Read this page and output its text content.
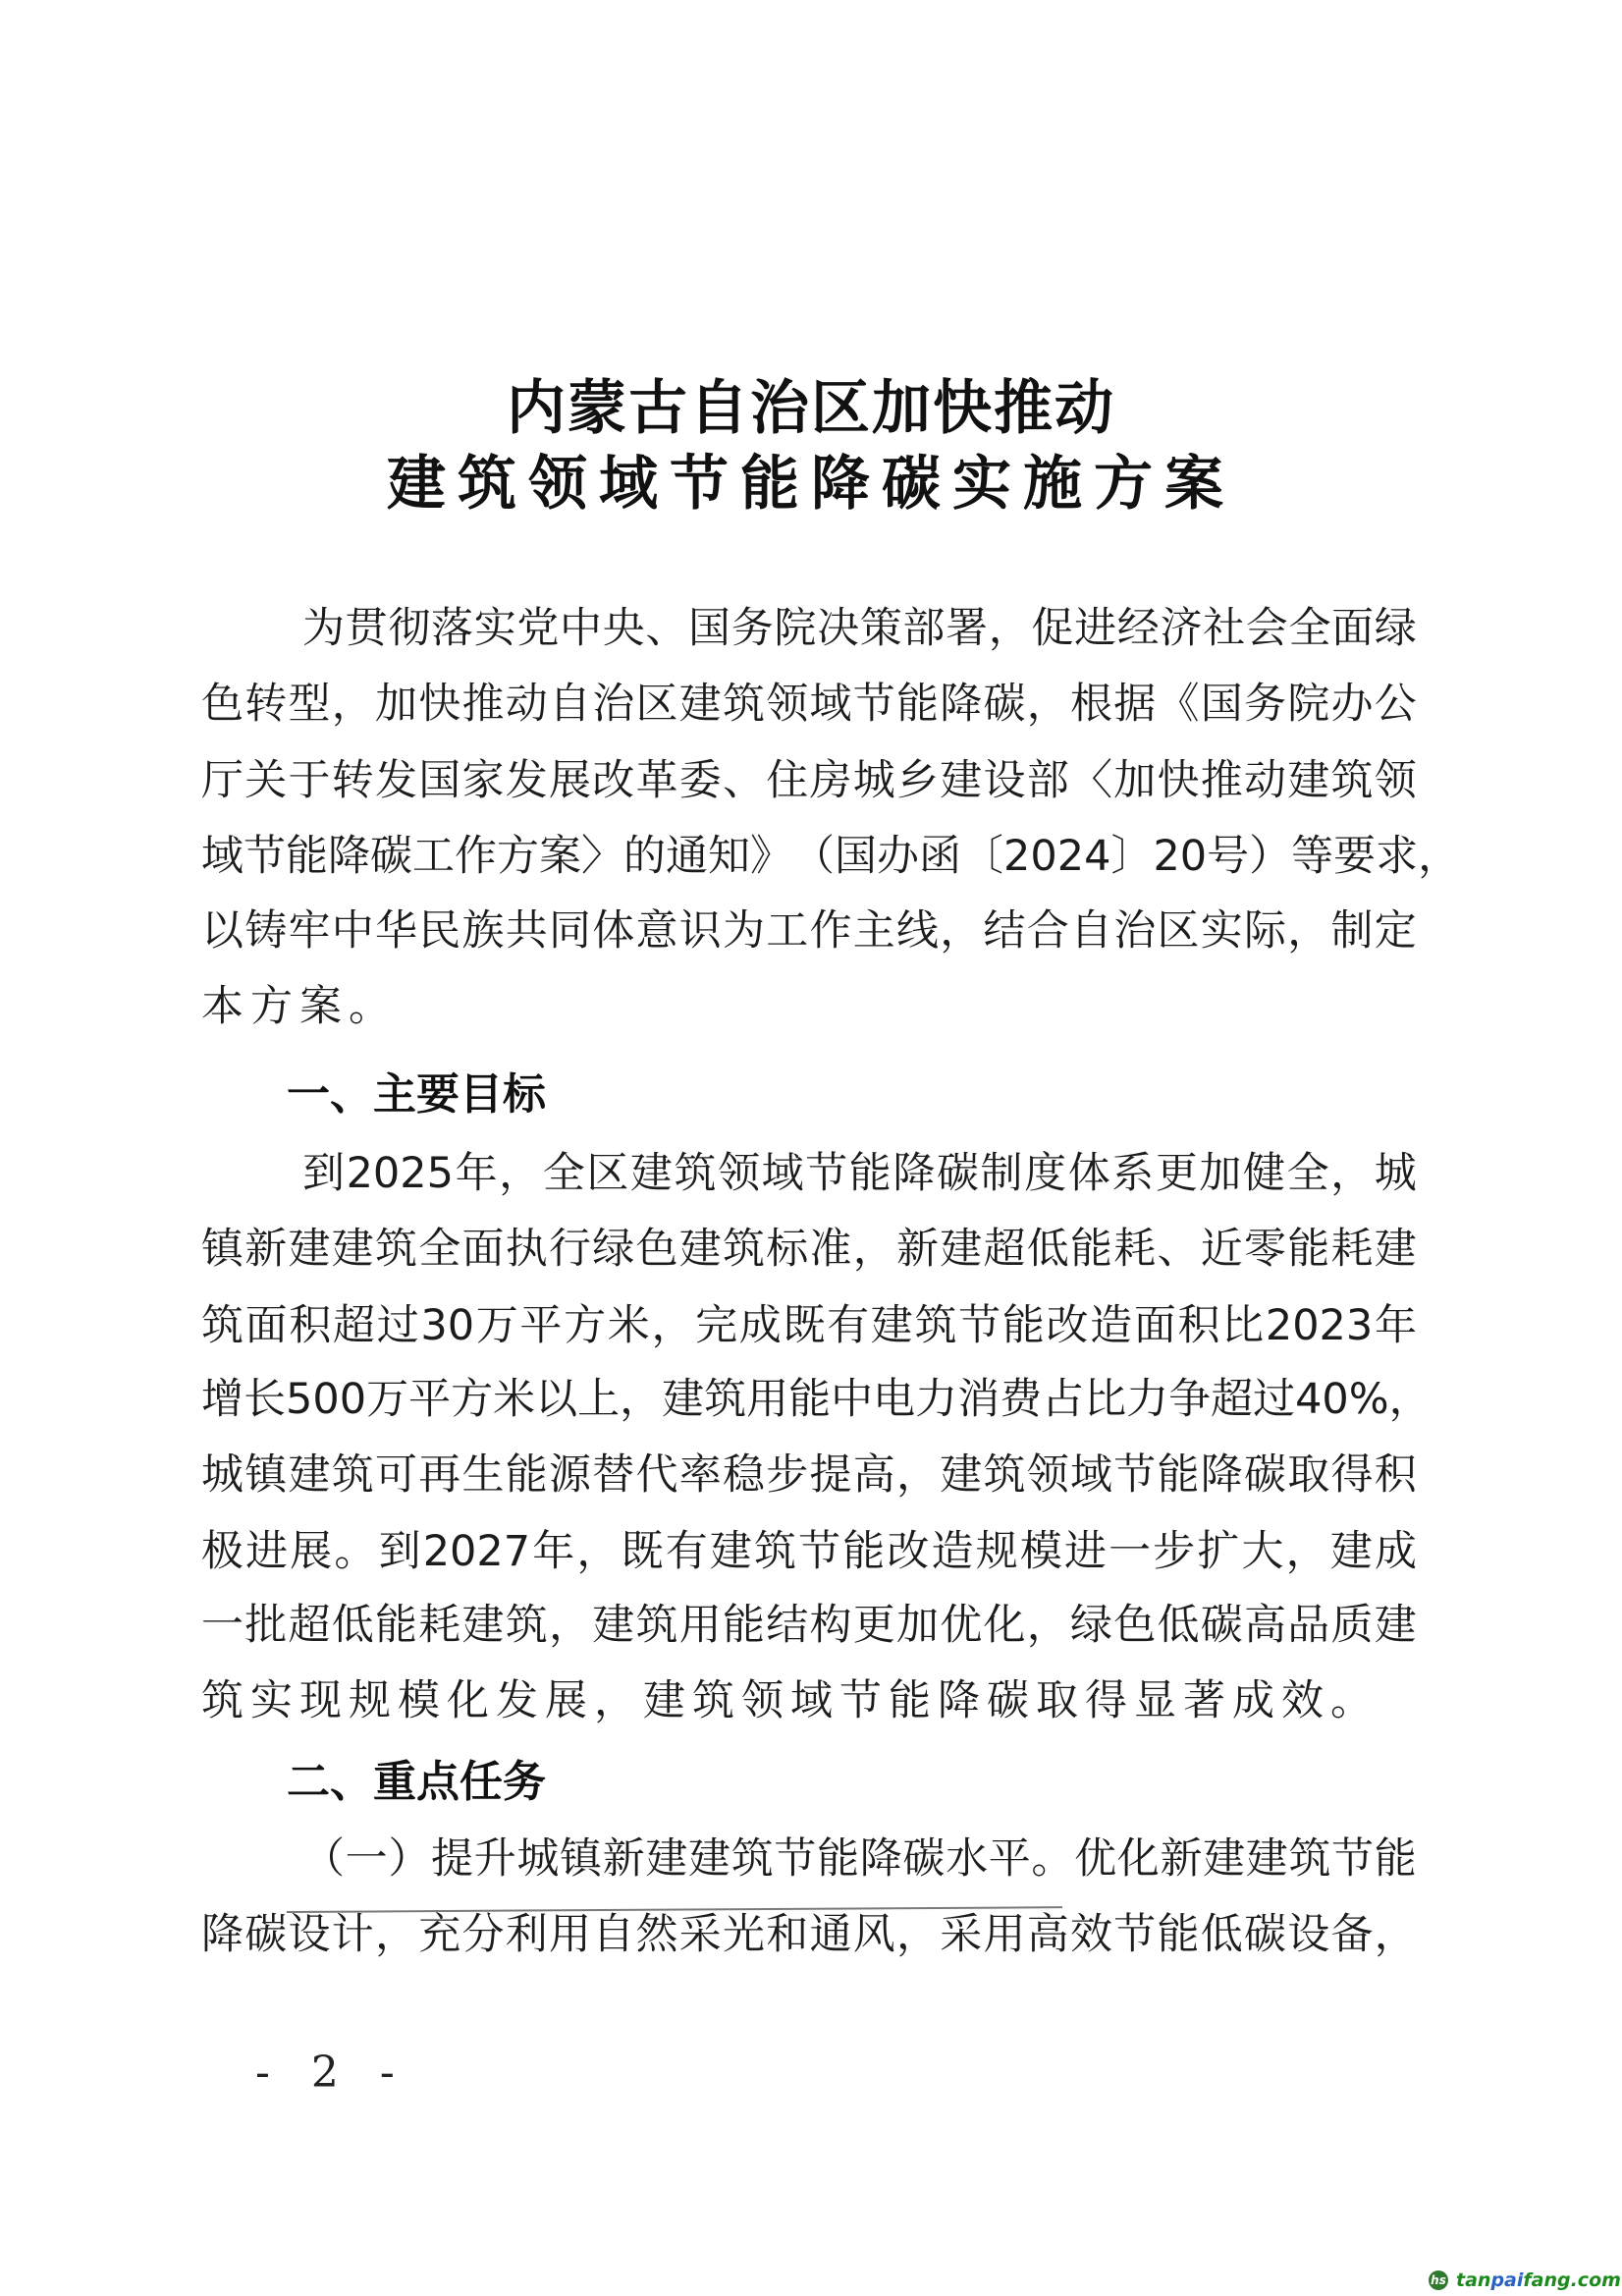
内蒙古自治区加快推动
建筑领域节能降碳实施方案
为 贯 彻 落 实 党 中 央 、 国 务 院 决 策 部 署 ， 促 进 经 济 社 会 全 面 绿
色 转 型 ， 加 快 推 动 自 治 区 建 筑 领 域 节 能 降 碳 ， 根 据 《 国 务 院 办 公
厅 关 于 转 发 国 家 发 展 改 革 委 、 住 房 城 乡 建 设 部 〈 加 快 推 动 建 筑 领
域 节 能 降 碳 工 作 方 案 〉 的 通 知 》 （ 国 办 函 〔 2024 〕 20 号 ） 等 要 求 ，
以 铸 牢 中 华 民 族 共 同 体 意 识 为 工 作 主 线 ， 结 合 自 治 区 实 际 ， 制 定
本方案。
一、主要目标
到 2025 年 ， 全 区 建 筑 领 域 节 能 降 碳 制 度 体 系 更 加 健 全 ， 城
镇 新 建 建 筑 全 面 执 行 绿 色 建 筑 标 准 ， 新 建 超 低 能 耗 、 近 零 能 耗 建
筑 面 积 超 过 30 万 平 方 米 ， 完 成 既 有 建 筑 节 能 改 造 面 积 比 2023 年
增 长 500 万 平 方 米 以 上 ， 建 筑 用 能 中 电 力 消 费 占 比 力 争 超 过 40% ，
城 镇 建 筑 可 再 生 能 源 替 代 率 稳 步 提 高 ， 建 筑 领 域 节 能 降 碳 取 得 积
极 进 展 。 到 2027 年 ， 既 有 建 筑 节 能 改 造 规 模 进 一 步 扩 大 ， 建 成
一 批 超 低 能 耗 建 筑 ， 建 筑 用 能 结 构 更 加 优 化 ， 绿 色 低 碳 高 品 质 建
筑实现规模化发展，建筑领域节能降碳取得显著成效。
二、重点任务
（ 一 ） 提 升 城 镇 新 建 建 筑 节 能 降 碳 水 平 。 优 化 新 建 建 筑 节 能
降 碳 设 计 ， 充 分 利 用 自 然 采 光 和 通 风 ， 采 用 高 效 节 能 低 碳 设 备 ，
- 2 -
hs tanpaifang.com
